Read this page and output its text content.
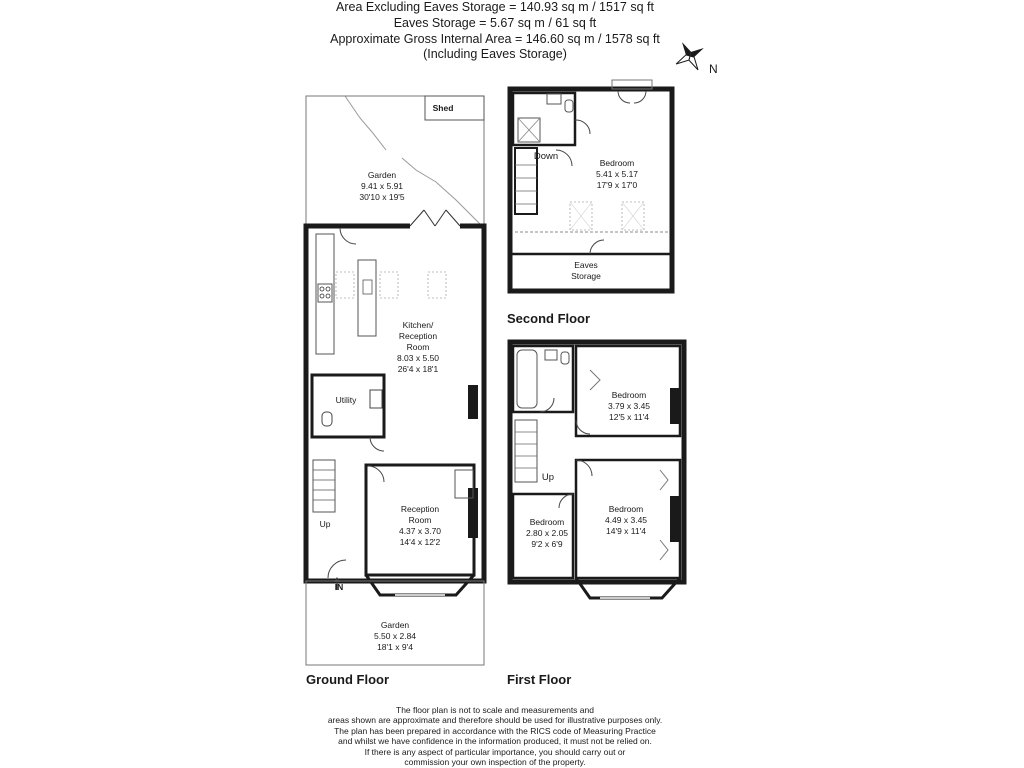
Area Excluding Eaves Storage = 140.93 sq m / 1517 sq ft
Eaves Storage = 5.67 sq m / 61 sq ft
Approximate Gross Internal Area = 146.60 sq m / 1578 sq ft
(Including Eaves Storage)
N
Shed
Garden
9.41 x 5.91
30'10 x 19'5
Kitchen/
Reception
Room
8.03 x 5.50
26'4 x 18'1
Utility
Reception
Room
4.37 x 3.70
14'4 x 12'2
Up
IN
Garden
5.50 x 2.84
18'1 x 9'4
Down
Bedroom
5.41 x 5.17
17'9 x 17'0
Eaves
Storage
Bedroom
3.79 x 3.45
12'5 x 11'4
Up
Bedroom
4.49 x 3.45
14'9 x 11'4
Bedroom
2.80 x 2.05
9'2 x 6'9
Second Floor
Ground Floor	First Floor
The floor plan is not to scale and measurements and
areas shown are approximate and therefore should be used for illustrative purposes only.
The plan has been prepared in accordance with the RICS code of Measuring Practice
and whilst we have confidence in the information produced, it must not be relied on.
If there is any aspect of particular importance, you should carry out or
commission your own inspection of the property.
